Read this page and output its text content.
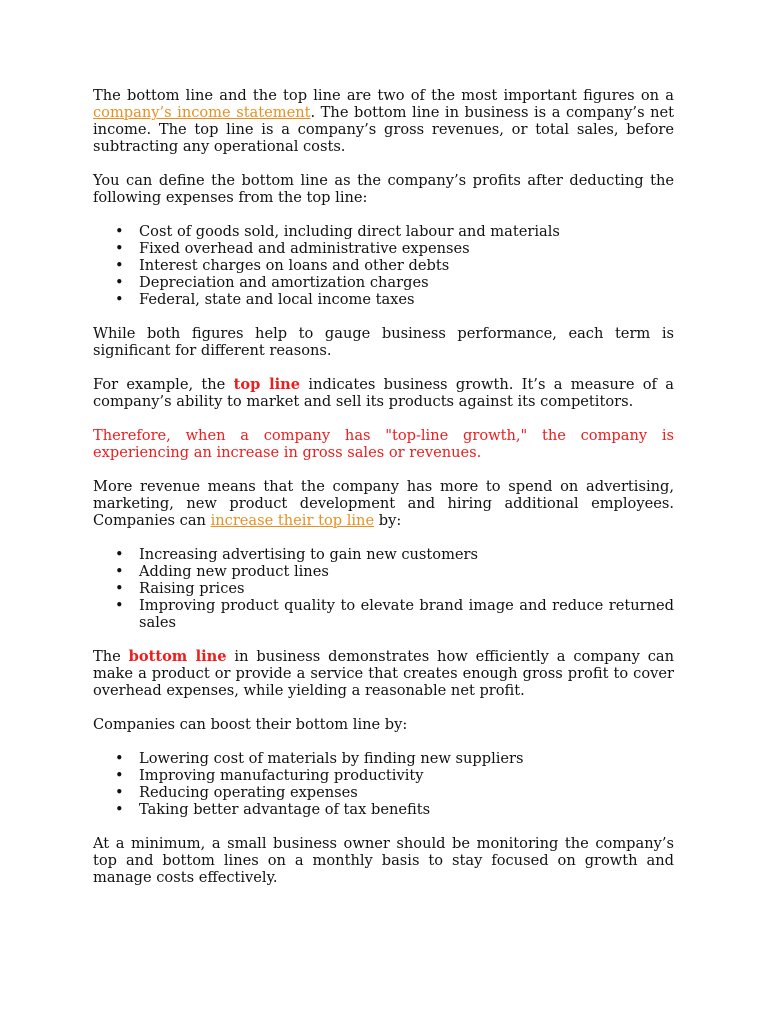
The bottom line and the top line are two of the most important figures on a company’s income statement. The bottom line in business is a company’s net income. The top line is a company’s gross revenues, or total sales, before subtracting any operational costs.

You can define the bottom line as the company’s profits after deducting the following expenses from the top line:

• Cost of goods sold, including direct labour and materials
• Fixed overhead and administrative expenses
• Interest charges on loans and other debts
• Depreciation and amortization charges
• Federal, state and local income taxes

While both figures help to gauge business performance, each term is significant for different reasons.

For example, the top line indicates business growth. It’s a measure of a company’s ability to market and sell its products against its competitors.

Therefore, when a company has "top-line growth," the company is experiencing an increase in gross sales or revenues.

More revenue means that the company has more to spend on advertising, marketing, new product development and hiring additional employees. Companies can increase their top line by:

• Increasing advertising to gain new customers
• Adding new product lines
• Raising prices
• Improving product quality to elevate brand image and reduce returned sales

The bottom line in business demonstrates how efficiently a company can make a product or provide a service that creates enough gross profit to cover overhead expenses, while yielding a reasonable net profit.

Companies can boost their bottom line by:

• Lowering cost of materials by finding new suppliers
• Improving manufacturing productivity
• Reducing operating expenses
• Taking better advantage of tax benefits

At a minimum, a small business owner should be monitoring the company’s top and bottom lines on a monthly basis to stay focused on growth and manage costs effectively.
